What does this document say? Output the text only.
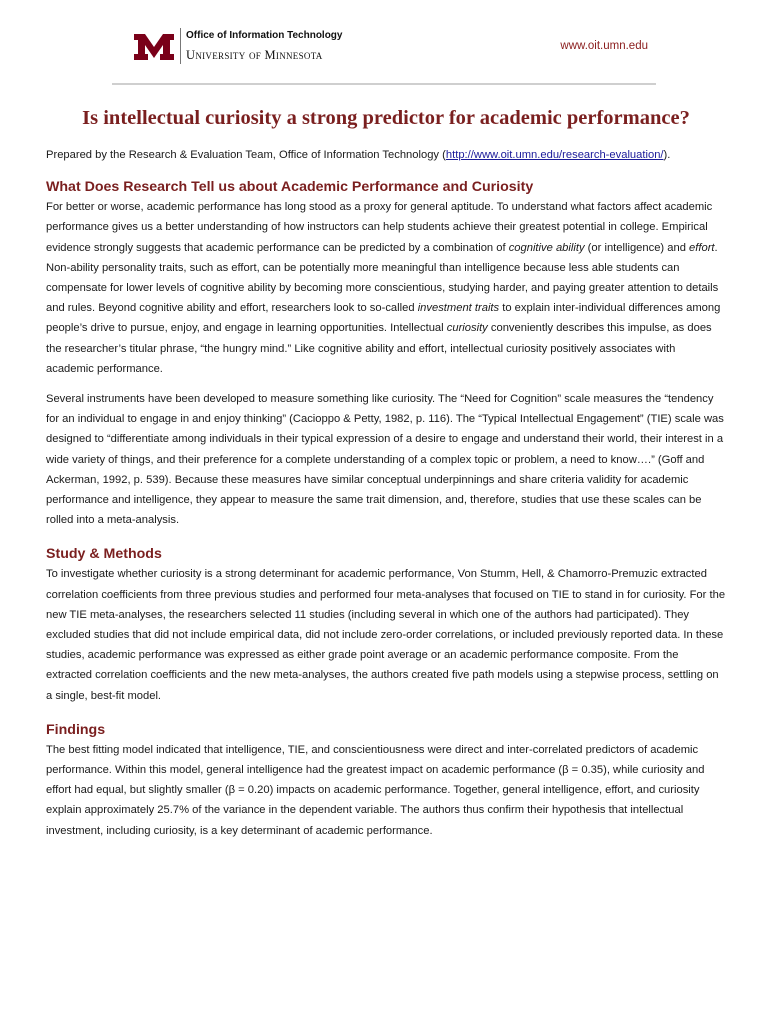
Office of Information Technology
University of Minnesota
www.oit.umn.edu
Is intellectual curiosity a strong predictor for academic performance?

Prepared by the Research & Evaluation Team, Office of Information Technology (http://www.oit.umn.edu/research-evaluation/).

What Does Research Tell us about Academic Performance and Curiosity

For better or worse, academic performance has long stood as a proxy for general aptitude. To understand what factors affect academic performance gives us a better understanding of how instructors can help students achieve their greatest potential in college. Empirical evidence strongly suggests that academic performance can be predicted by a combination of cognitive ability (or intelligence) and effort. Non-ability personality traits, such as effort, can be potentially more meaningful than intelligence because less able students can compensate for lower levels of cognitive ability by becoming more conscientious, studying harder, and paying greater attention to details and rules. Beyond cognitive ability and effort, researchers look to so-called investment traits to explain inter-individual differences among people’s drive to pursue, enjoy, and engage in learning opportunities. Intellectual curiosity conveniently describes this impulse, as does the researcher’s titular phrase, “the hungry mind.” Like cognitive ability and effort, intellectual curiosity positively associates with academic performance.

Several instruments have been developed to measure something like curiosity. The “Need for Cognition” scale measures the “tendency for an individual to engage in and enjoy thinking” (Cacioppo & Petty, 1982, p. 116). The “Typical Intellectual Engagement” (TIE) scale was designed to “differentiate among individuals in their typical expression of a desire to engage and understand their world, their interest in a wide variety of things, and their preference for a complete understanding of a complex topic or problem, a need to know….” (Goff and Ackerman, 1992, p. 539). Because these measures have similar conceptual underpinnings and share criteria validity for academic performance and intelligence, they appear to measure the same trait dimension, and, therefore, studies that use these scales can be rolled into a meta-analysis.

Study & Methods

To investigate whether curiosity is a strong determinant for academic performance, Von Stumm, Hell, & Chamorro-Premuzic extracted correlation coefficients from three previous studies and performed four meta-analyses that focused on TIE to stand in for curiosity. For the new TIE meta-analyses, the researchers selected 11 studies (including several in which one of the authors had participated). They excluded studies that did not include empirical data, did not include zero-order correlations, or included previously reported data. In these studies, academic performance was expressed as either grade point average or an academic performance composite. From the extracted correlation coefficients and the new meta-analyses, the authors created five path models using a stepwise process, settling on a single, best-fit model.

Findings

The best fitting model indicated that intelligence, TIE, and conscientiousness were direct and inter-correlated predictors of academic performance. Within this model, general intelligence had the greatest impact on academic performance (β = 0.35), while curiosity and effort had equal, but slightly smaller (β = 0.20) impacts on academic performance. Together, general intelligence, effort, and curiosity explain approximately 25.7% of the variance in the dependent variable. The authors thus confirm their hypothesis that intellectual investment, including curiosity, is a key determinant of academic performance.
